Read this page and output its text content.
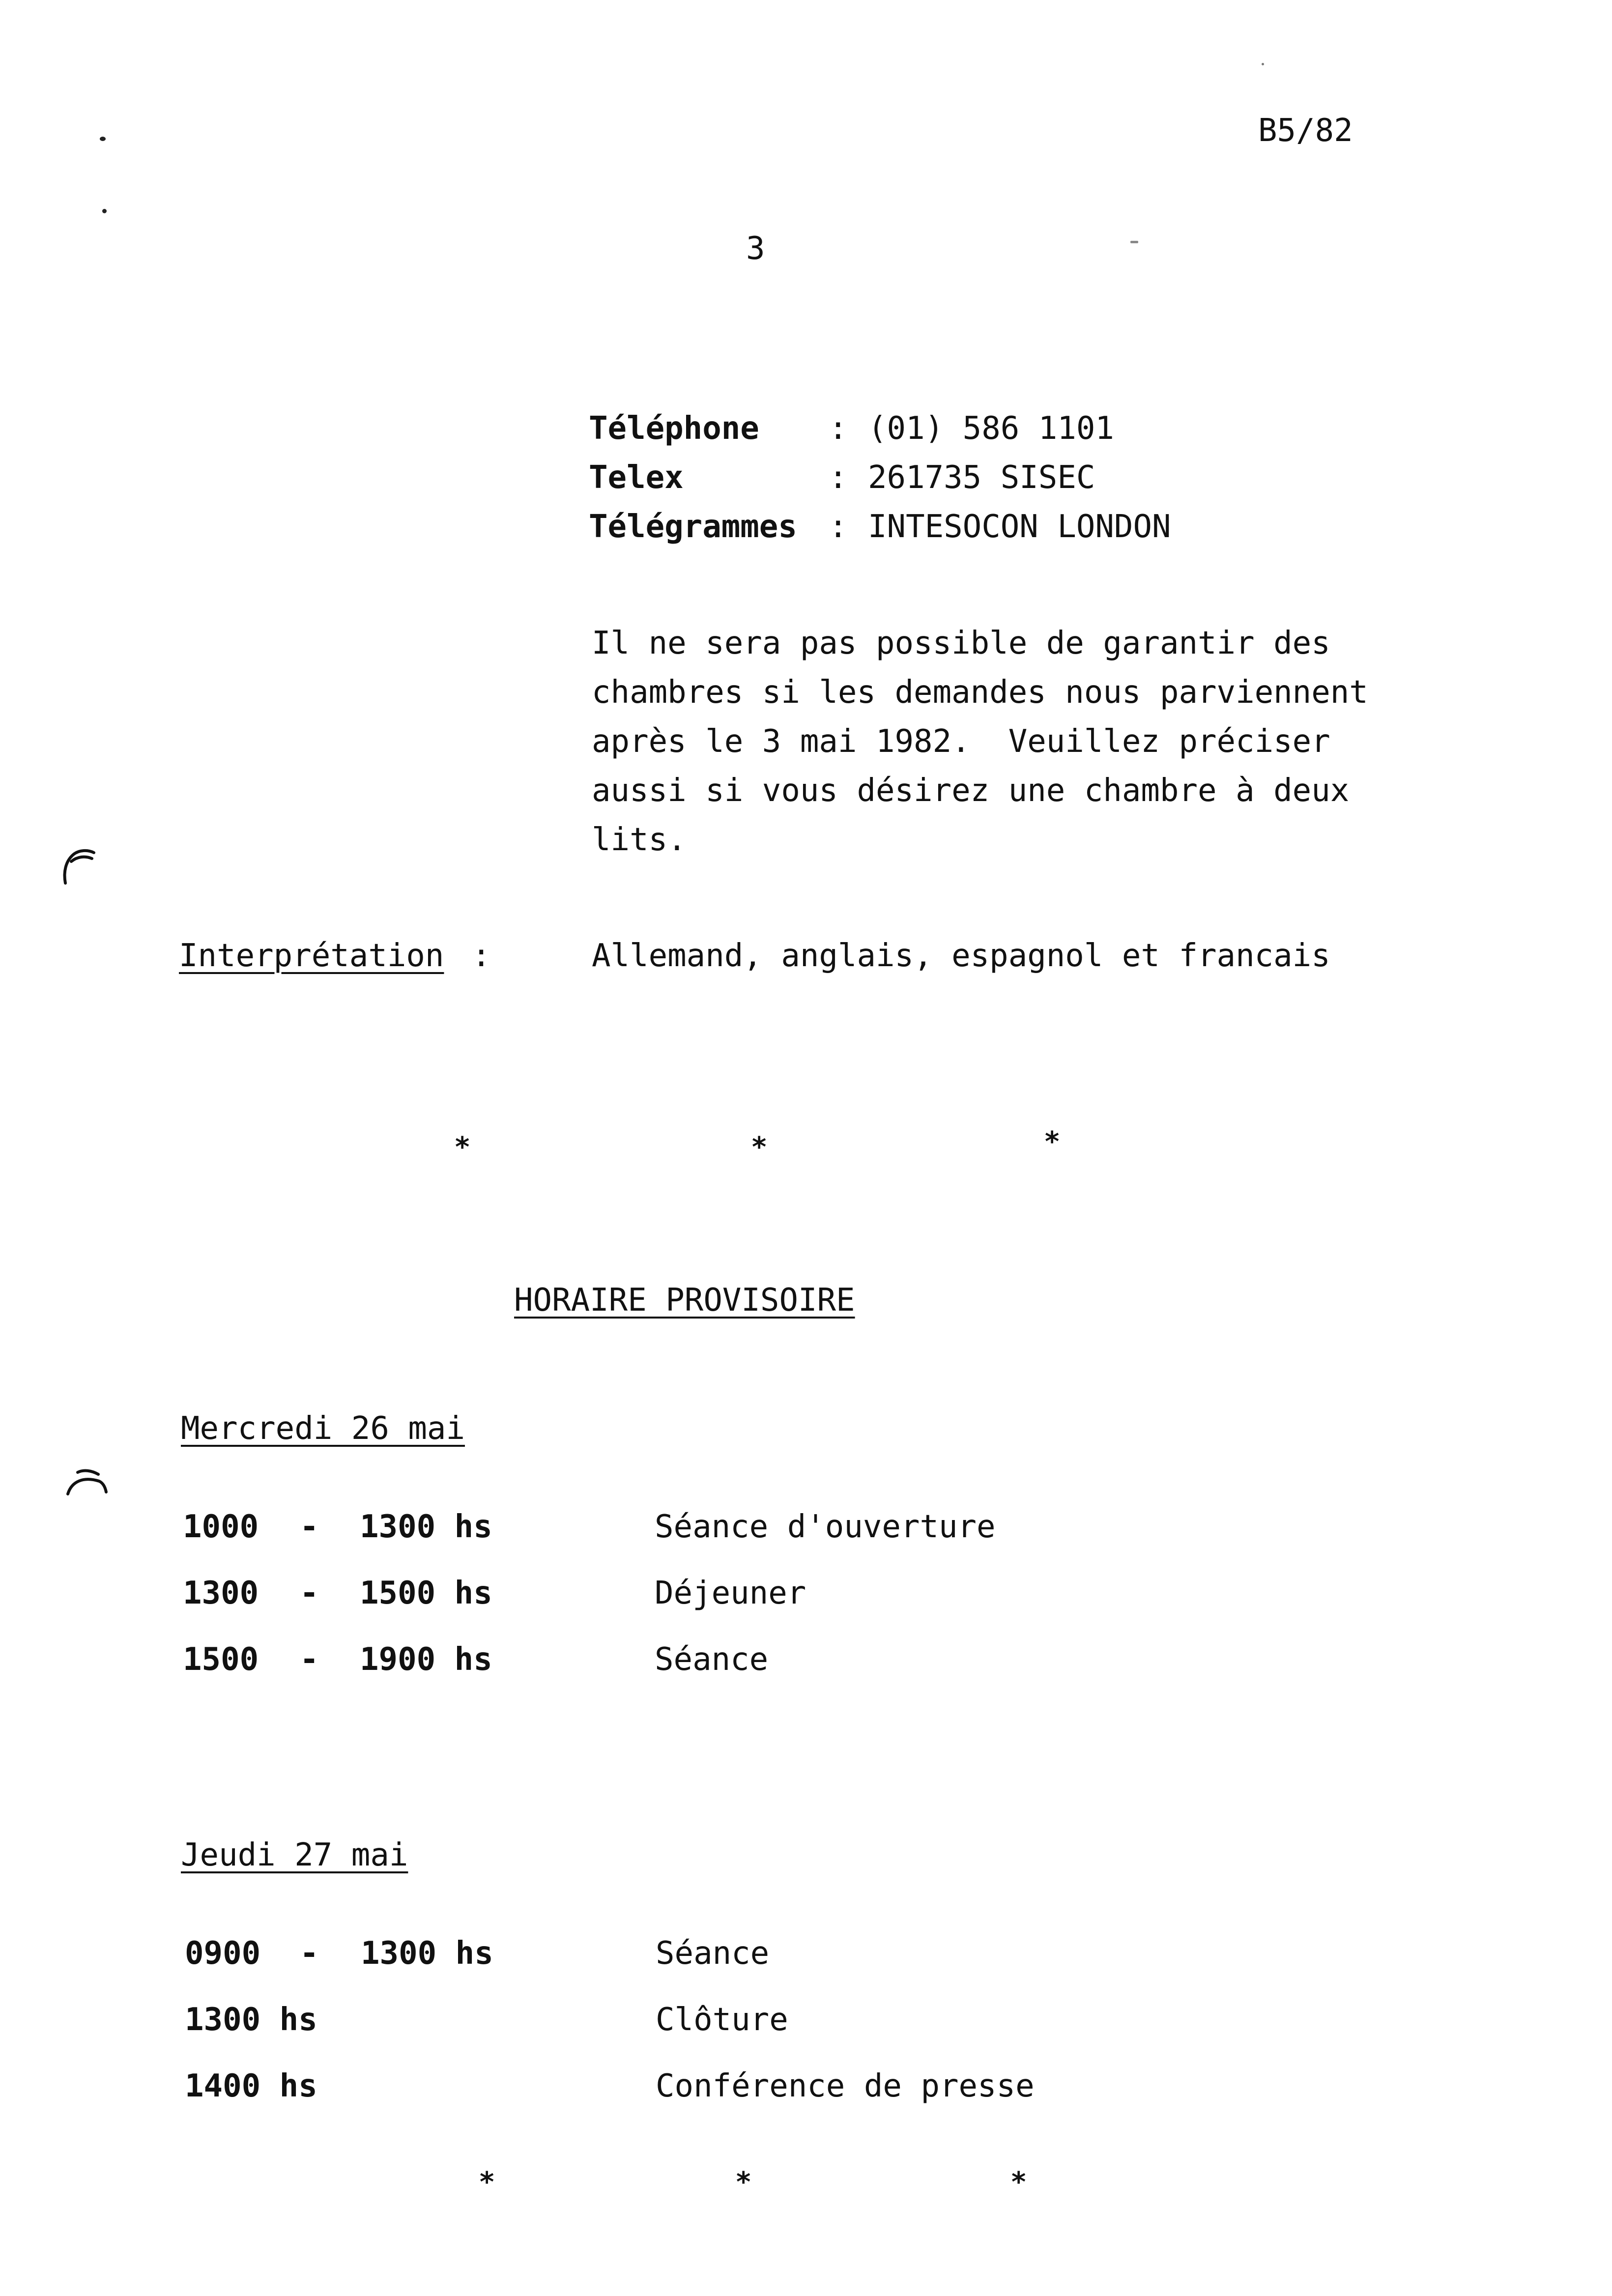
B5/82
3
Téléphone : (01) 586 1101
Telex	: 261735 SISEC
Télégrammes : INTESOCON LONDON
Il ne sera pas possible de garantir des
chambres si les demandes nous parviennent
après le 3 mai 1982.  Veuillez préciser
aussi si vous désirez une chambre à deux
lits.
Interprétation :	Allemand, anglais, espagnol et francais
*	*	*
HORAIRE PROVISOIRE
Mercredi 26 mai
1000 - 1300 hs	Séance d'ouverture
1300 - 1500 hs	Déjeuner
1500 - 1900 hs	Séance
Jeudi 27 mai
0900 - 1300 hs	Séance
1300 hs	Clôture
1400 hs	Conférence de presse
*	*	*
